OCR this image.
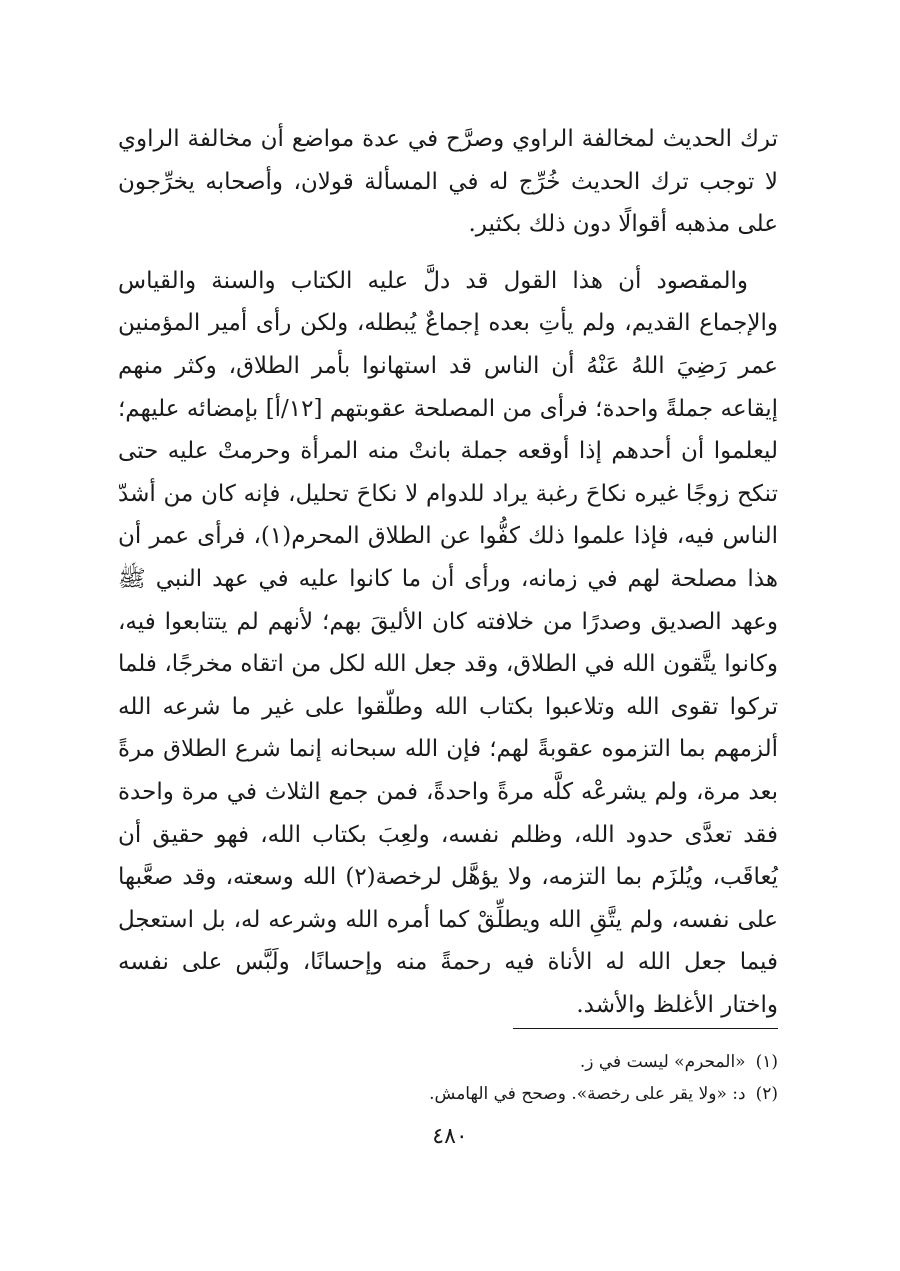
ترك الحديث لمخالفة الراوي وصرَّح في عدة مواضع أن مخالفة الراوي لا توجب ترك الحديث خُرِّج له في المسألة قولان، وأصحابه يخرِّجون على مذهبه أقوالًا دون ذلك بكثير.

والمقصود أن هذا القول قد دلَّ عليه الكتاب والسنة والقياس والإجماع القديم، ولم يأتِ بعده إجماعٌ يُبطله، ولكن رأى أمير المؤمنين عمر رَضِيَ اللهُ عَنْهُ أن الناس قد استهانوا بأمر الطلاق، وكثر منهم إيقاعه جملةً واحدة؛ فرأى من المصلحة عقوبتهم [١٢/أ] بإمضائه عليهم؛ ليعلموا أن أحدهم إذا أوقعه جملة بانتْ منه المرأة وحرمتْ عليه حتى تنكح زوجًا غيره نكاحَ رغبة يراد للدوام لا نكاحَ تحليل، فإنه كان من أشدّ الناس فيه، فإذا علموا ذلك كفُّوا عن الطلاق المحرم(١)، فرأى عمر أن هذا مصلحة لهم في زمانه، ورأى أن ما كانوا عليه في عهد النبي ﷺ وعهد الصديق وصدرًا من خلافته كان الأليقَ بهم؛ لأنهم لم يتتابعوا فيه، وكانوا يتَّقون الله في الطلاق، وقد جعل الله لكل من اتقاه مخرجًا، فلما تركوا تقوى الله وتلاعبوا بكتاب الله وطلّقوا على غير ما شرعه الله ألزمهم بما التزموه عقوبةً لهم؛ فإن الله سبحانه إنما شرع الطلاق مرةً بعد مرة، ولم يشرعْه كلَّه مرةً واحدةً، فمن جمع الثلاث في مرة واحدة فقد تعدَّى حدود الله، وظلم نفسه، ولعِبَ بكتاب الله، فهو حقيق أن يُعاقَب، ويُلزَم بما التزمه، ولا يؤهَّل لرخصة(٢) الله وسعته، وقد صعَّبها على نفسه، ولم يتَّقِ الله ويطلِّقْ كما أمره الله وشرعه له، بل استعجل فيما جعل الله له الأناة فيه رحمةً منه وإحسانًا، ولَبَّس على نفسه واختار الأغلظ والأشد.

(١)«المحرم» ليست في ز.

(٢)د: «ولا يقر على رخصة». وصحح في الهامش.

٤٨٠
